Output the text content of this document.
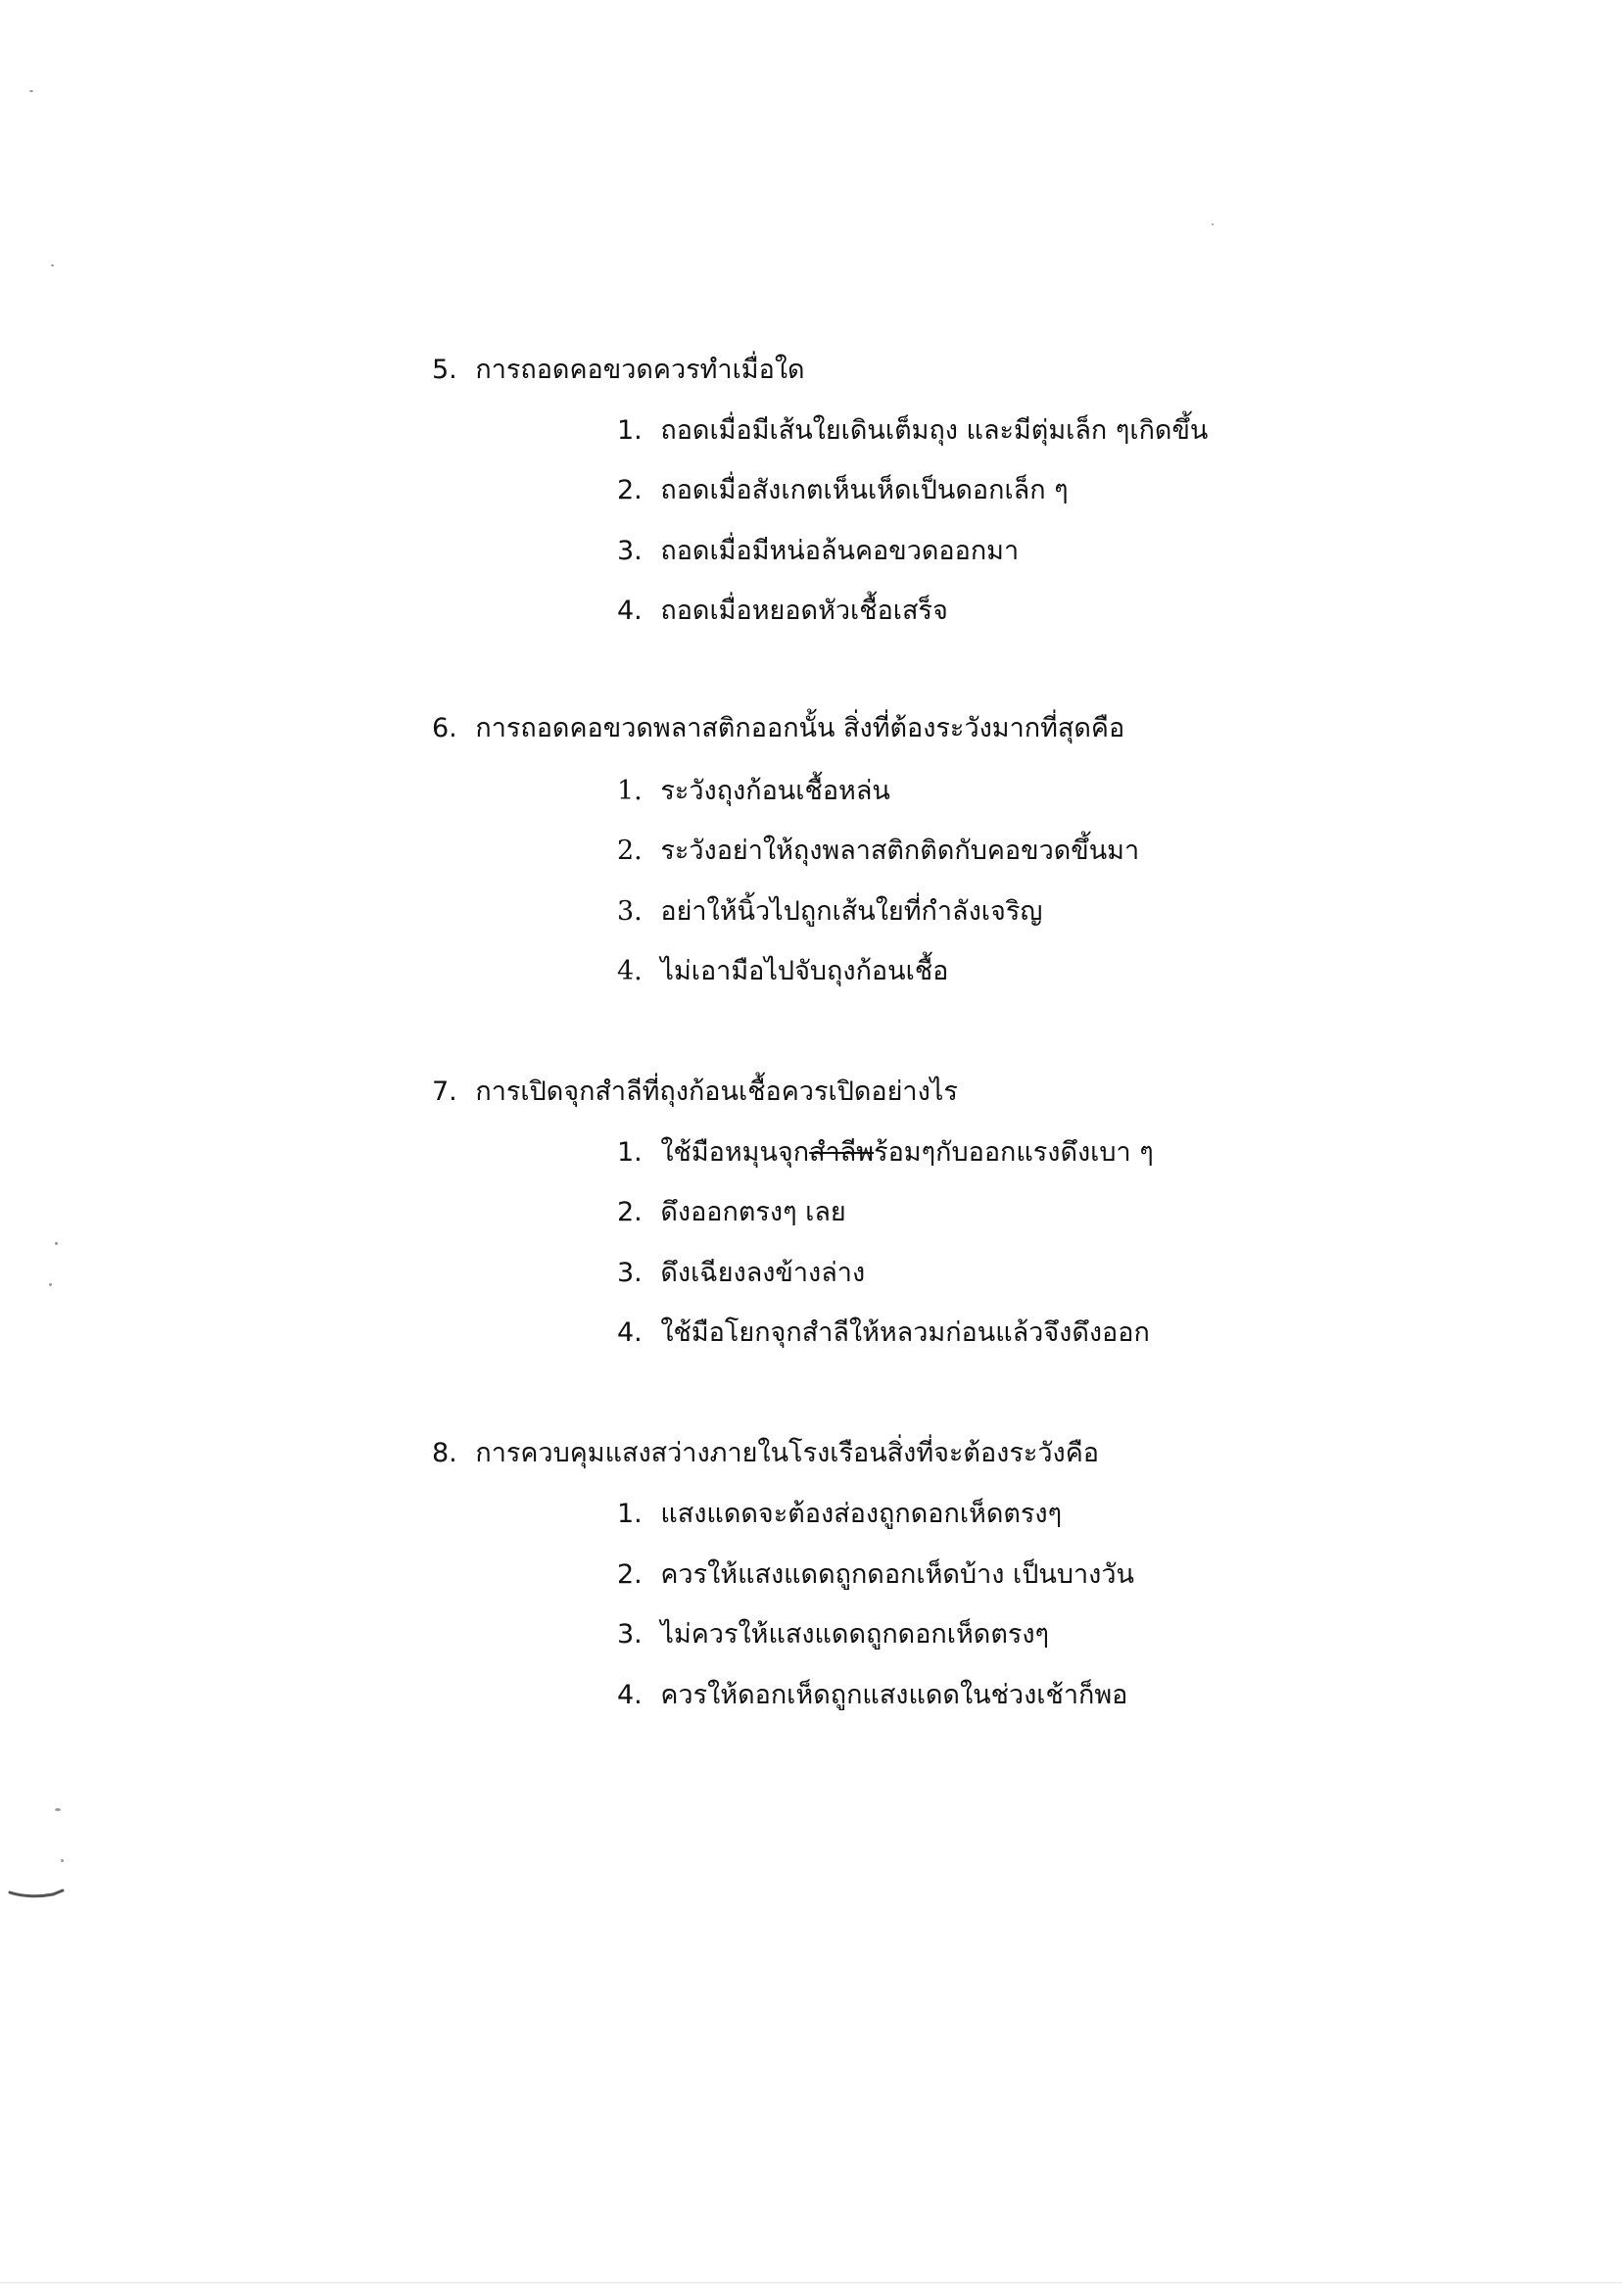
5. การถอดคอขวดควรทำเมื่อใด
1. ถอดเมื่อมีเส้นใยเดินเต็มถุง และมีตุ่มเล็ก ๆเกิดขึ้น
2. ถอดเมื่อสังเกตเห็นเห็ดเป็นดอกเล็ก ๆ
3. ถอดเมื่อมีหน่อล้นคอขวดออกมา
4. ถอดเมื่อหยอดหัวเชื้อเสร็จ
6. การถอดคอขวดพลาสติกออกนั้น สิ่งที่ต้องระวังมากที่สุดคือ
1. ระวังถุงก้อนเชื้อหล่น
2. ระวังอย่าให้ถุงพลาสติกติดกับคอขวดขึ้นมา
3. อย่าให้นิ้วไปถูกเส้นใยที่กำลังเจริญ
4. ไม่เอามือไปจับถุงก้อนเชื้อ
7. การเปิดจุกสำลีที่ถุงก้อนเชื้อควรเปิดอย่างไร
1. ใช้มือหมุนจุกสำลีพร้อมๆกับออกแรงดึงเบา ๆ
2. ดึงออกตรงๆ เลย
3. ดึงเฉียงลงข้างล่าง
4. ใช้มือโยกจุกสำลีให้หลวมก่อนแล้วจึงดึงออก
8. การควบคุมแสงสว่างภายในโรงเรือนสิ่งที่จะต้องระวังคือ
1. แสงแดดจะต้องส่องถูกดอกเห็ดตรงๆ
2. ควรให้แสงแดดถูกดอกเห็ดบ้าง เป็นบางวัน
3. ไม่ควรให้แสงแดดถูกดอกเห็ดตรงๆ
4. ควรให้ดอกเห็ดถูกแสงแดดในช่วงเช้าก็พอ
